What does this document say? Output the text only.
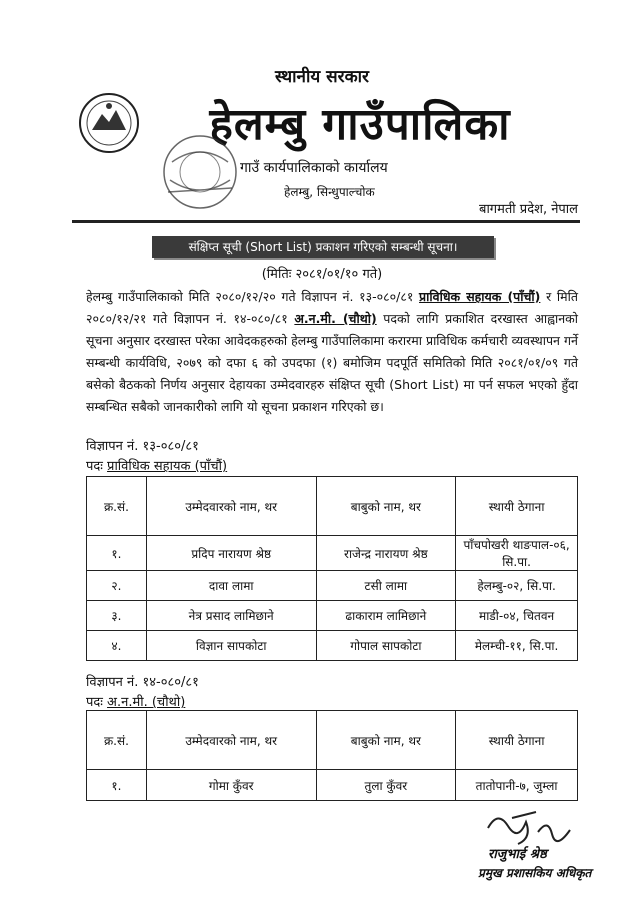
स्थानीय सरकार
हेलम्बु गाउँपालिका
गाउँ कार्यपालिकाको कार्यालय
हेलम्बु, सिन्धुपाल्चोक
बागमती प्रदेश, नेपाल
संक्षिप्त सूची (Short List) प्रकाशन गरिएको सम्बन्धी सूचना।
(मितिः २०८१/०१/१० गते)
हेलम्बु गाउँपालिकाको मिति २०८०/१२/२० गते विज्ञापन नं. १३-०८०/८१ प्राविधिक सहायक (पाँचौं) र मिति २०८०/१२/२१ गते विज्ञापन नं. १४-०८०/८१ अ.न.मी. (चौथो) पदको लागि प्रकाशित दरखास्त आह्वानको सूचना अनुसार दरखास्त परेका आवेदकहरुको हेलम्बु गाउँपालिकामा करारमा प्राविधिक कर्मचारी व्यवस्थापन गर्ने सम्बन्धी कार्यविधि, २०७९ को दफा ६ को उपदफा (१) बमोजिम पदपूर्ति समितिको मिति २०८१/०१/०९ गते बसेको बैठकको निर्णय अनुसार देहायका उम्मेदवारहरु संक्षिप्त सूची (Short List) मा पर्न सफल भएको हुँदा सम्बन्धित सबैको जानकारीको लागि यो सूचना प्रकाशन गरिएको छ।
विज्ञापन नं. १३-०८०/८१
पदः प्राविधिक सहायक (पाँचौं)
क्र.सं.	उम्मेदवारको नाम, थर	बाबुको नाम, थर	स्थायी ठेगाना
१.	प्रदिप नारायण श्रेष्ठ	राजेन्द्र नारायण श्रेष्ठ	पाँचपोखरी थाङपाल-०६, सि.पा.
२.	दावा लामा	टसी लामा	हेलम्बु-०२, सि.पा.
३.	नेत्र प्रसाद लामिछाने	ढाकाराम लामिछाने	माडी-०४, चितवन
४.	विज्ञान सापकोटा	गोपाल सापकोटा	मेलम्ची-११, सि.पा.
विज्ञापन नं. १४-०८०/८१
पदः अ.न.मी. (चौथो)
क्र.सं.	उम्मेदवारको नाम, थर	बाबुको नाम, थर	स्थायी ठेगाना
१.	गोमा कुँवर	तुला कुँवर	तातोपानी-७, जुम्ला
राजुभाई श्रेष्ठ
प्रमुख प्रशासकिय अधिकृत
